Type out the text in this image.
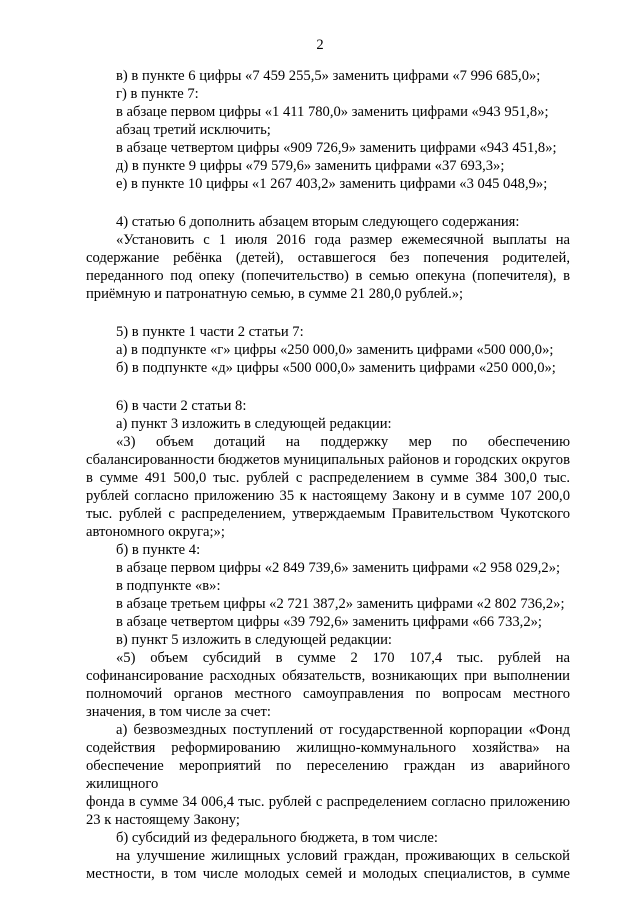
2

в) в пункте 6 цифры «7 459 255,5» заменить цифрами «7 996 685,0»;

г) в пункте 7:

в абзаце первом цифры «1 411 780,0» заменить цифрами «943 951,8»;

абзац третий исключить;

в абзаце четвертом цифры «909 726,9» заменить цифрами «943 451,8»;

д) в пункте 9 цифры «79 579,6» заменить цифрами «37 693,3»;

е) в пункте 10 цифры «1 267 403,2» заменить цифрами «3 045 048,9»;

4) статью 6 дополнить абзацем вторым следующего содержания:

«Установить с 1 июля 2016 года размер ежемесячной выплаты на

содержание ребёнка (детей), оставшегося без попечения родителей,

переданного под опеку (попечительство) в семью опекуна (попечителя), в

приёмную и патронатную семью, в сумме 21 280,0 рублей.»;

5) в пункте 1 части 2 статьи 7:

а) в подпункте «г» цифры «250 000,0» заменить цифрами «500 000,0»;

б) в подпункте «д» цифры «500 000,0» заменить цифрами «250 000,0»;

6) в части 2 статьи 8:

а) пункт 3 изложить в следующей редакции:

«3) объем дотаций на поддержку мер по обеспечению

сбалансированности бюджетов муниципальных районов и городских округов

в сумме 491 500,0 тыс. рублей с распределением в сумме 384 300,0 тыс.

рублей согласно приложению 35 к настоящему Закону и в сумме 107 200,0

тыс. рублей с распределением, утверждаемым Правительством Чукотского

автономного округа;»;

б) в пункте 4:

в абзаце первом цифры «2 849 739,6» заменить цифрами «2 958 029,2»;

в подпункте «в»:

в абзаце третьем цифры «2 721 387,2» заменить цифрами «2 802 736,2»;

в абзаце четвертом цифры «39 792,6» заменить цифрами «66 733,2»;

в) пункт 5 изложить в следующей редакции:

«5) объем субсидий в сумме 2 170 107,4 тыс. рублей на

софинансирование расходных обязательств, возникающих при выполнении

полномочий органов местного самоуправления по вопросам местного

значения, в том числе за счет:

а) безвозмездных поступлений от государственной корпорации «Фонд

содействия реформированию жилищно-коммунального хозяйства» на

обеспечение мероприятий по переселению граждан из аварийного жилищного

фонда в сумме 34 006,4 тыс. рублей с распределением согласно приложению

23 к настоящему Закону;

б) субсидий из федерального бюджета, в том числе:

на улучшение жилищных условий граждан, проживающих в сельской

местности, в том числе молодых семей и молодых специалистов, в сумме
